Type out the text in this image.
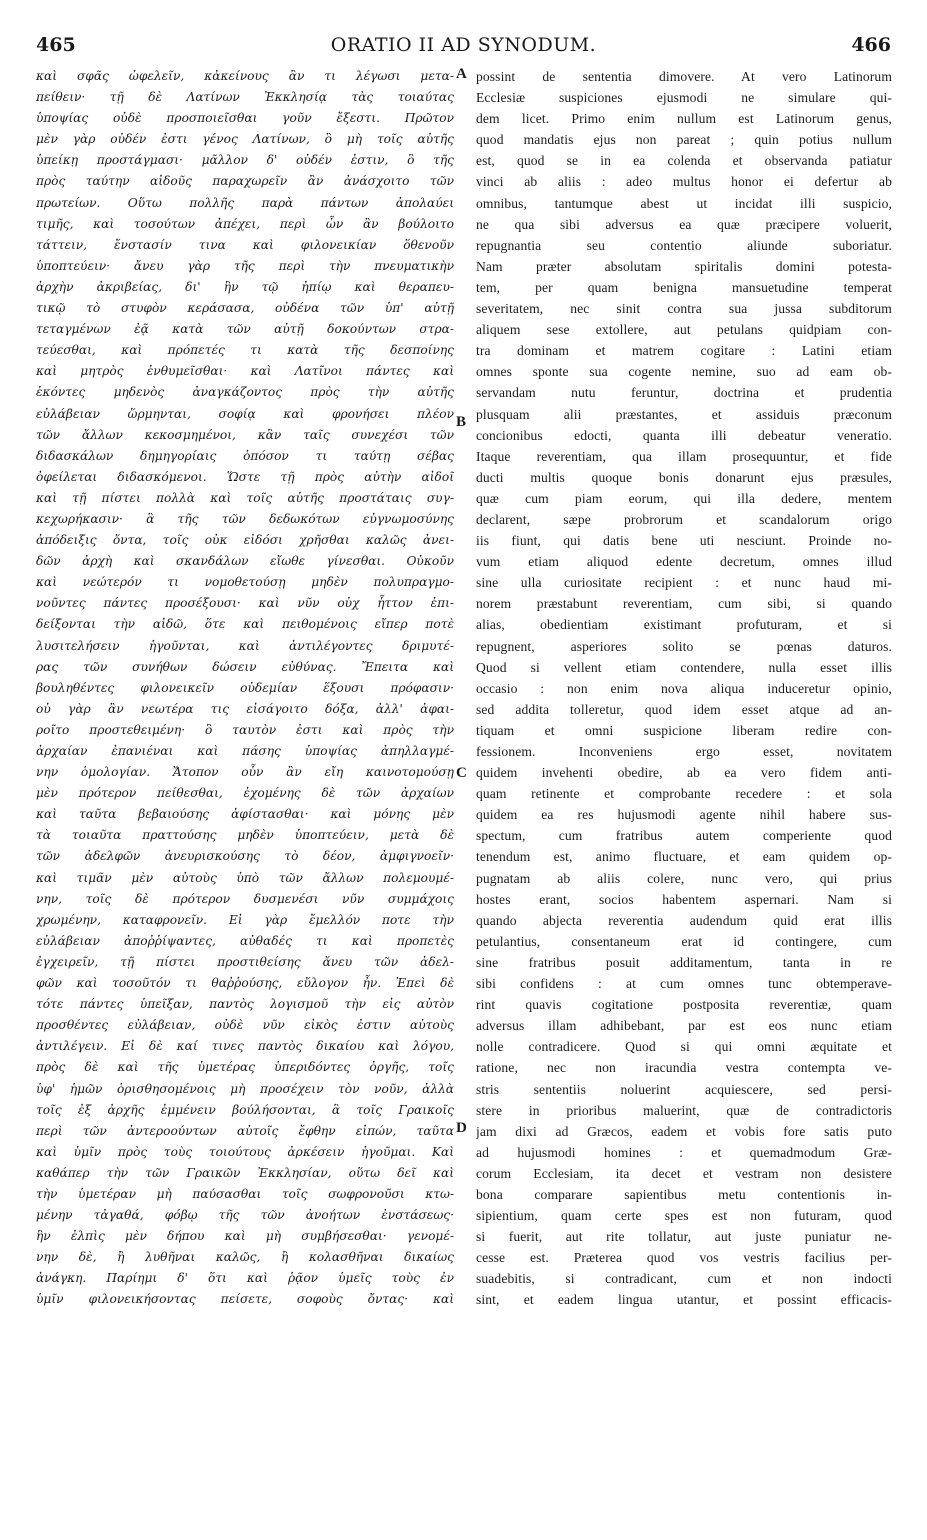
465	ORATIO II AD SYNODUM.	466
καὶ σφᾶς ὠφελεῖν, κἀκείνους ἂν τι λέγωσι μετα-
πείθειν· τῇ δὲ Λατίνων Ἐκκλησίᾳ τὰς τοιαύτας
ὑποψίας οὐδὲ προσποιεῖσθαι γοῦν ἔξεστι. Πρῶτον
μὲν γὰρ οὐδέν ἐστι γένος Λατίνων, ὃ μὴ τοῖς αὐτῆς
ὑπείκῃ προστάγμασι· μᾶλλον δ' οὐδέν ἐστιν, ὃ τῆς
πρὸς ταύτην αἰδοῦς παραχωρεῖν ἂν ἀνάσχοιτο τῶν
πρωτείων. Οὕτω πολλῆς παρὰ πάντων ἀπολαύει
τιμῆς, καὶ τοσούτων ἀπέχει, περὶ ὧν ἂν βούλοιτο
τάττειν, ἔνστασίν τινα καὶ φιλονεικίαν ὅθενοῦν
ὑποπτεύειν· ἄνευ γὰρ τῆς περὶ τὴν πνευματικὴν
ἀρχὴν ἀκριβείας, δι' ἣν τῷ ἠπίῳ καὶ θεραπευ-
τικῷ τὸ στυφὸν κεράσασα, οὐδένα τῶν ὑπ' αὐτῇ
τεταγμένων ἐᾷ κατὰ τῶν αὐτῇ δοκούντων στρα-
τεύεσθαι, καὶ πρόπετές τι κατὰ τῆς δεσποίνης
καὶ μητρὸς ἐνθυμεῖσθαι· καὶ Λατῖνοι πάντες καὶ
ἑκόντες μηδενὸς ἀναγκάζοντος πρὸς τὴν αὐτῆς
εὐλάβειαν ὥρμηνται, σοφίᾳ καὶ φρονήσει πλέον
τῶν ἄλλων κεκοσμημένοι, κἂν ταῖς συνεχέσι τῶν
διδασκάλων δημηγορίαις ὁπόσον τι ταύτῃ σέβας
ὀφείλεται διδασκόμενοι. Ὥστε τῇ πρὸς αὐτὴν αἰδοῖ
καὶ τῇ πίστει πολλὰ καὶ τοῖς αὐτῆς προστάταις συγ-
κεχωρήκασιν· ἃ τῆς τῶν δεδωκότων εὐγνωμοσύνης
ἀπόδειξις ὄντα, τοῖς οὐκ εἰδόσι χρῆσθαι καλῶς ἀνει-
δῶν ἀρχὴ καὶ σκανδάλων εἴωθε γίνεσθαι. Οὐκοῦν
καὶ νεώτερόν τι νομοθετούσῃ μηδὲν πολυπραγμο-
νοῦντες πάντες προσέξουσι· καὶ νῦν οὐχ ἧττον ἐπι-
δείξονται τὴν αἰδῶ, ὅτε καὶ πειθομένοις εἴπερ ποτὲ
λυσιτελήσειν ἡγοῦνται, καὶ ἀντιλέγοντες δριμυτέ-
ρας τῶν συνήθων δώσειν εὐθύνας. Ἔπειτα καὶ
βουληθέντες φιλονεικεῖν οὐδεμίαν ἕξουσι πρόφασιν·
οὐ γὰρ ἂν νεωτέρα τις εἰσάγοιτο δόξα, ἀλλ' ἀφαι-
ροῖτο προστεθειμένη· ὃ ταυτὸν ἐστι καὶ πρὸς τὴν
ἀρχαίαν ἐπανιέναι καὶ πάσης ὑποψίας ἀπηλλαγμέ-
νην ὁμολογίαν. Ἄτοπον οὖν ἂν εἴη καινοτομούσῃ
μὲν πρότερον πείθεσθαι, ἐχομένης δὲ τῶν ἀρχαίων
καὶ ταῦτα βεβαιούσης ἀφίστασθαι· καὶ μόνης μὲν
τὰ τοιαῦτα πραττούσης μηδὲν ὑποπτεύειν, μετὰ δὲ
τῶν ἀδελφῶν ἀνευρισκούσης τὸ δέον, ἀμφιγνοεῖν·
καὶ τιμᾶν μὲν αὐτοὺς ὑπὸ τῶν ἄλλων πολεμουμέ-
νην, τοῖς δὲ πρότερον δυσμενέσι νῦν συμμάχοις
χρωμένην, καταφρονεῖν. Εἰ γὰρ ἔμελλόν ποτε τὴν
εὐλάβειαν ἀποῤῥίψαντες, αὐθαδές τι καὶ προπετὲς
ἐγχειρεῖν, τῇ πίστει προστιθείσης ἄνευ τῶν ἀδελ-
φῶν καὶ τοσοῦτόν τι θαῤῥούσης, εὔλογον ἦν. Ἐπεὶ δὲ
τότε πάντες ὑπεῖξαν, παντὸς λογισμοῦ τὴν εἰς αὐτὸν
προσθέντες εὐλάβειαν, οὐδὲ νῦν εἰκὸς ἐστιν αὐτοὺς
ἀντιλέγειν. Εἰ δὲ καί τινες παντὸς δικαίου καὶ λόγου,
πρὸς δὲ καὶ τῆς ὑμετέρας ὑπεριδόντες ὀργῆς, τοῖς
ὑφ' ἡμῶν ὁρισθησομένοις μὴ προσέχειν τὸν νοῦν, ἀλλὰ
τοῖς ἐξ ἀρχῆς ἐμμένειν βούλήσονται, ἃ τοῖς Γραικοῖς
περὶ τῶν ἀντεροούντων αὐτοῖς ἔφθην εἰπών, ταῦτα
καὶ ὑμῖν πρὸς τοὺς τοιούτους ἀρκέσειν ἡγοῦμαι. Καὶ
καθάπερ τὴν τῶν Γραικῶν Ἐκκλησίαν, οὕτω δεῖ καὶ
τὴν ὑμετέραν μὴ παύσασθαι τοῖς σωφρονοῦσι κτω-
μένην τἀγαθά, φόβῳ τῆς τῶν ἀνοήτων ἐνστάσεως·
ἣν ἐλπὶς μὲν δήπου καὶ μὴ συμβήσεσθαι· γενομέ-
νην δὲ, ἢ λυθῆναι καλῶς, ἢ κολασθῆναι δικαίως
ἀνάγκη. Παρίημι δ' ὅτι καὶ ῥᾷον ὑμεῖς τοὺς ἐν
ὑμῖν φιλονεικήσοντας πείσετε, σοφοὺς ὄντας· καὶ
A
B
C
D
possint de sententia dimovere. At vero Latinorum
Ecclesiæ suspiciones ejusmodi ne simulare qui-
dem licet. Primo enim nullum est Latinorum genus,
quod mandatis ejus non pareat ; quin potius nullum
est, quod se in ea colenda et observanda patiatur
vinci ab aliis : adeo multus honor ei defertur ab
omnibus, tantumque abest ut incidat illi suspicio,
ne qua sibi adversus ea quæ præcipere voluerit,
repugnantia seu contentio aliunde suboriatur.
Nam præter absolutam spiritalis domini potesta-
tem, per quam benigna mansuetudine temperat
severitatem, nec sinit contra sua jussa subditorum
aliquem sese extollere, aut petulans quidpiam con-
tra dominam et matrem cogitare : Latini etiam
omnes sponte sua cogente nemine, suo ad eam ob-
servandam nutu feruntur, doctrina et prudentia
plusquam alii præstantes, et assiduis præconum
concionibus edocti, quanta illi debeatur veneratio.
Itaque reverentiam, qua illam prosequuntur, et fide
ducti multis quoque bonis donarunt ejus præsules,
quæ cum piam eorum, qui illa dedere, mentem
declarent, sæpe probrorum et scandalorum origo
iis fiunt, qui datis bene uti nesciunt. Proinde no-
vum etiam aliquod edente decretum, omnes illud
sine ulla curiositate recipient : et nunc haud mi-
norem præstabunt reverentiam, cum sibi, si quando
alias, obedientiam existimant profuturam, et si
repugnent, asperiores solito se pœnas daturos.
Quod si vellent etiam contendere, nulla esset illis
occasio : non enim nova aliqua induceretur opinio,
sed addita tolleretur, quod idem esset atque ad an-
tiquam et omni suspicione liberam redire con-
fessionem. Inconveniens ergo esset, novitatem
quidem invehenti obedire, ab ea vero fidem anti-
quam retinente et comprobante recedere : et sola
quidem ea res hujusmodi agente nihil habere sus-
spectum, cum fratribus autem comperiente quod
tenendum est, animo fluctuare, et eam quidem op-
pugnatam ab aliis colere, nunc vero, qui prius
hostes erant, socios habentem aspernari. Nam si
quando abjecta reverentia audendum quid erat illis
petulantius, consentaneum erat id contingere, cum
sine fratribus posuit additamentum, tanta in re
sibi confidens : at cum omnes tunc obtemperave-
rint quavis cogitatione postposita reverentiæ, quam
adversus illam adhibebant, par est eos nunc etiam
nolle contradicere. Quod si qui omni æquitate et
ratione, nec non iracundia vestra contempta ve-
stris sententiis noluerint acquiescere, sed persi-
stere in prioribus maluerint, quæ de contradictoris
jam dixi ad Græcos, eadem et vobis fore satis puto
ad hujusmodi homines : et quemadmodum Græ-
corum Ecclesiam, ita decet et vestram non desistere
bona comparare sapientibus metu contentionis in-
sipientium, quam certe spes est non futuram, quod
si fuerit, aut rite tollatur, aut juste puniatur ne-
cesse est. Præterea quod vos vestris facilius per-
suadebitis, si contradicant, cum et non indocti
sint, et eadem lingua utantur, et possint efficacis-
